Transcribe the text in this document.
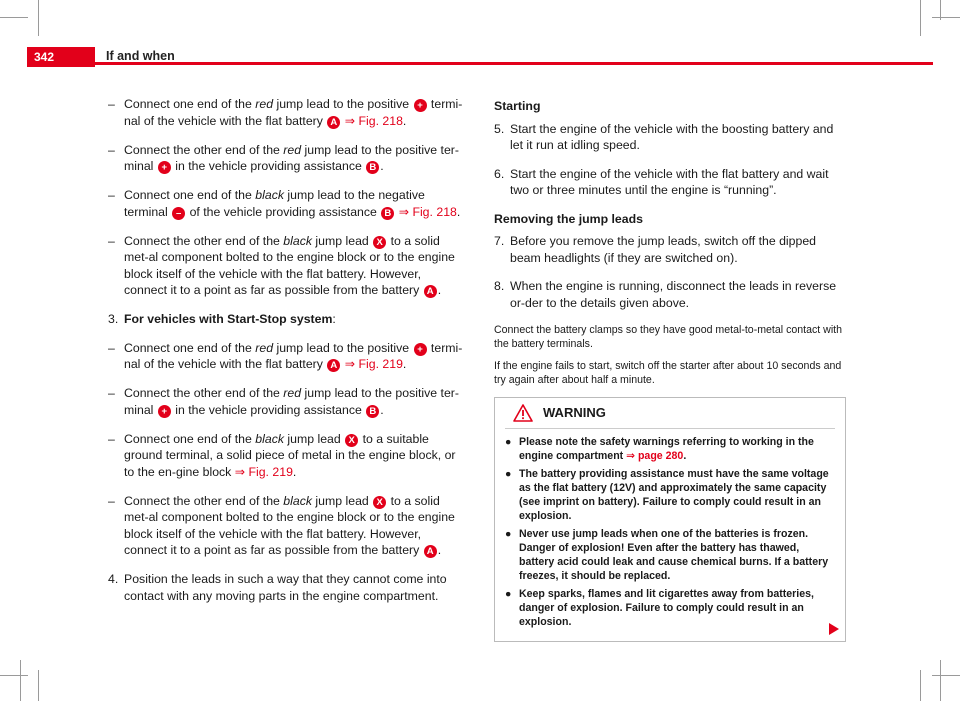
342	If and when
– Connect one end of the red jump lead to the positive + termi-nal of the vehicle with the flat battery A ⇒ Fig. 218.
– Connect the other end of the red jump lead to the positive ter-minal + in the vehicle providing assistance B .
– Connect one end of the black jump lead to the negative terminal – of the vehicle providing assistance B ⇒ Fig. 218.
– Connect the other end of the black jump lead X to a solid met-al component bolted to the engine block or to the engine block itself of the vehicle with the flat battery. However, connect it to a point as far as possible from the battery A .
3. For vehicles with Start-Stop system:
– Connect one end of the red jump lead to the positive + termi-nal of the vehicle with the flat battery A ⇒ Fig. 219.
– Connect the other end of the red jump lead to the positive ter-minal + in the vehicle providing assistance B .
– Connect one end of the black jump lead X to a suitable ground terminal, a solid piece of metal in the engine block, or to the en-gine block ⇒ Fig. 219.
– Connect the other end of the black jump lead X to a solid met-al component bolted to the engine block or to the engine block itself of the vehicle with the flat battery. However, connect it to a point as far as possible from the battery A .
4. Position the leads in such a way that they cannot come into contact with any moving parts in the engine compartment.
Starting
5. Start the engine of the vehicle with the boosting battery and let it run at idling speed.
6. Start the engine of the vehicle with the flat battery and wait two or three minutes until the engine is “running”.
Removing the jump leads
7. Before you remove the jump leads, switch off the dipped beam headlights (if they are switched on).
8. When the engine is running, disconnect the leads in reverse or-der to the details given above.
Connect the battery clamps so they have good metal-to-metal contact with the battery terminals.
If the engine fails to start, switch off the starter after about 10 seconds and try again after about half a minute.
WARNING
● Please note the safety warnings referring to working in the engine compartment ⇒ page 280.
● The battery providing assistance must have the same voltage as the flat battery (12V) and approximately the same capacity (see imprint on battery). Failure to comply could result in an explosion.
● Never use jump leads when one of the batteries is frozen. Danger of explosion! Even after the battery has thawed, battery acid could leak and cause chemical burns. If a battery freezes, it should be replaced.
● Keep sparks, flames and lit cigarettes away from batteries, danger of explosion. Failure to comply could result in an explosion.
